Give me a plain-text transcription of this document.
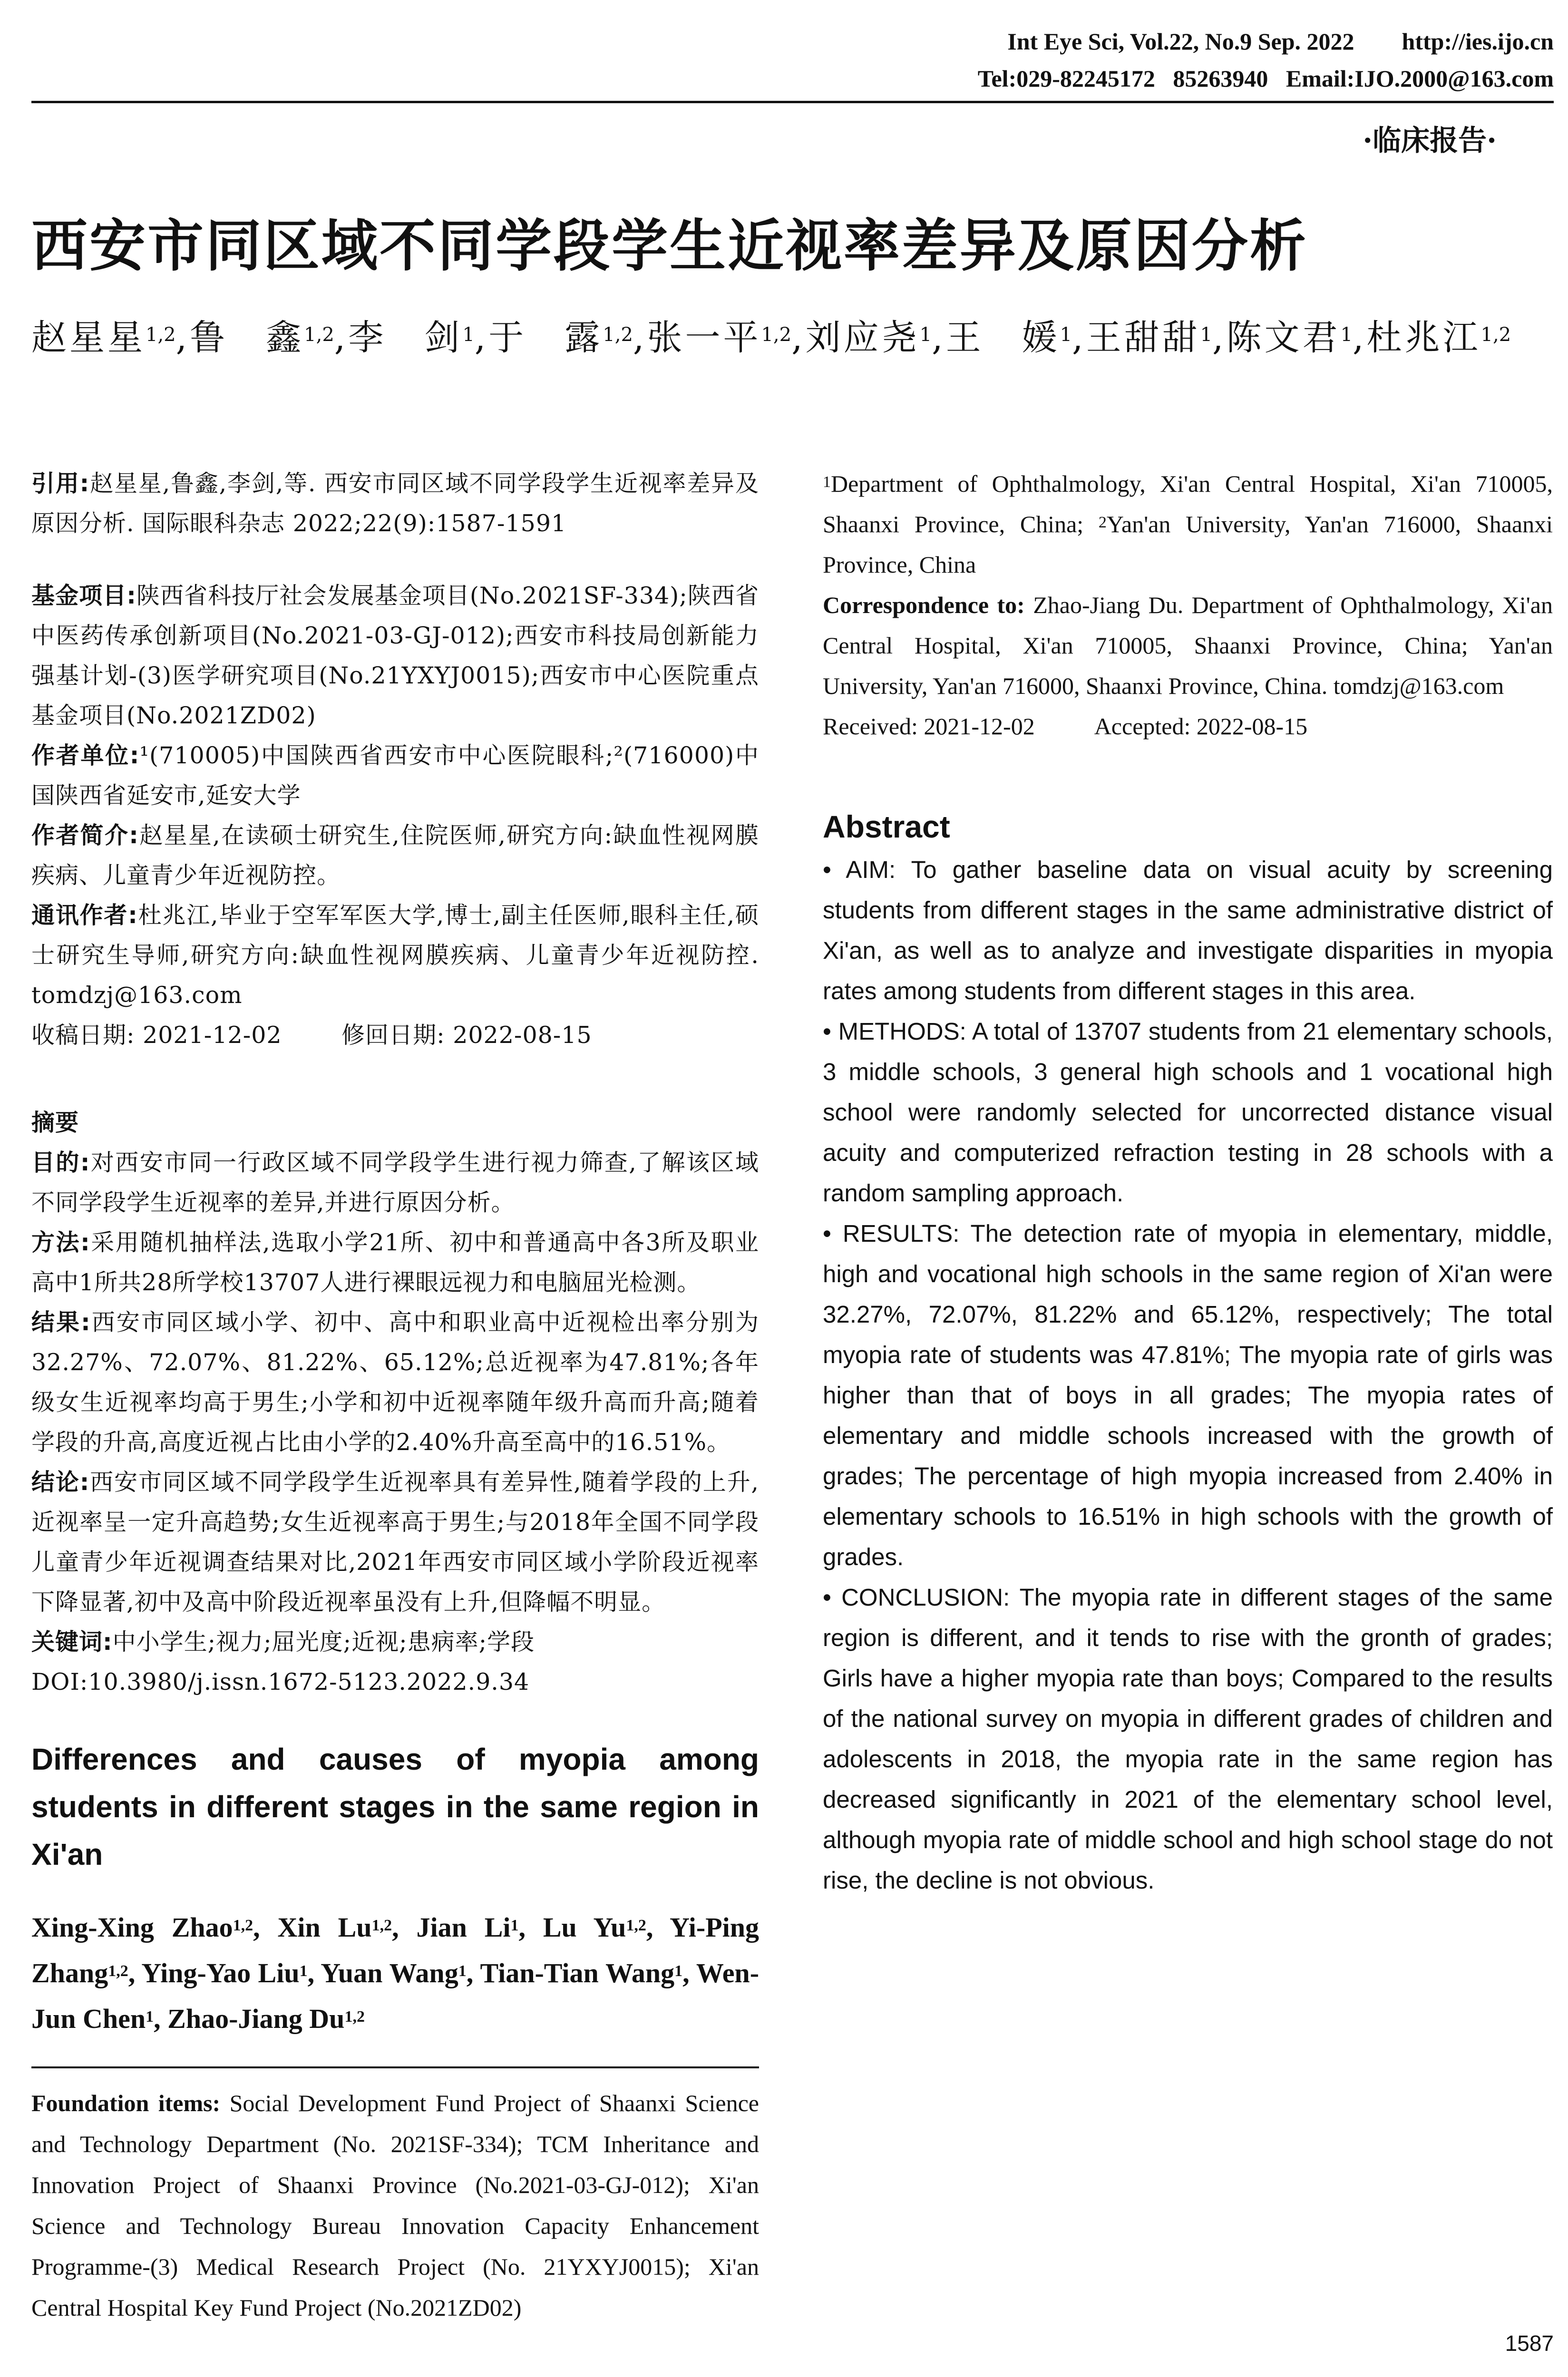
Int Eye Sci, Vol.22, No.9 Sep. 2022        http://ies.ijo.cn
Tel:029-82245172   85263940   Email:IJO.2000@163.com
·临床报告·
西安市同区域不同学段学生近视率差异及原因分析
赵星星$^{1,2}$,鲁　鑫$^{1,2}$,李　剑$^1$,于　露$^{1,2}$,张一平$^{1,2}$,刘应尧$^1$,王　媛$^1$,王甜甜$^1$,陈文君$^1$,杜兆江$^{1,2}$

引用:赵星星,鲁鑫,李剑,等. 西安市同区域不同学段学生近视率差异及原因分析. 国际眼科杂志 2022;22(9):1587-1591

基金项目:陕西省科技厅社会发展基金项目(No.2021SF-334);陕西省中医药传承创新项目(No.2021-03-GJ-012);西安市科技局创新能力强基计划-(3)医学研究项目(No.21YXYJ0015);西安市中心医院重点基金项目(No.2021ZD02)

作者单位:¹(710005)中国陕西省西安市中心医院眼科;²(716000)中国陕西省延安市,延安大学

作者简介:赵星星,在读硕士研究生,住院医师,研究方向:缺血性视网膜疾病、儿童青少年近视防控。

通讯作者:杜兆江,毕业于空军军医大学,博士,副主任医师,眼科主任,硕士研究生导师,研究方向:缺血性视网膜疾病、儿童青少年近视防控. tomdzj@163.com

收稿日期: 2021-12-02   	修回日期: 2022-08-15

摘要

目的:对西安市同一行政区域不同学段学生进行视力筛查,了解该区域不同学段学生近视率的差异,并进行原因分析。

方法:采用随机抽样法,选取小学21所、初中和普通高中各3所及职业高中1所共28所学校13707人进行裸眼远视力和电脑屈光检测。

结果:西安市同区域小学、初中、高中和职业高中近视检出率分别为32.27%、72.07%、81.22%、65.12%;总近视率为47.81%;各年级女生近视率均高于男生;小学和初中近视率随年级升高而升高;随着学段的升高,高度近视占比由小学的2.40%升高至高中的16.51%。

结论:西安市同区域不同学段学生近视率具有差异性,随着学段的上升,近视率呈一定升高趋势;女生近视率高于男生;与2018年全国不同学段儿童青少年近视调查结果对比,2021年西安市同区域小学阶段近视率下降显著,初中及高中阶段近视率虽没有上升,但降幅不明显。

关键词:中小学生;视力;屈光度;近视;患病率;学段

DOI:10.3980/j.issn.1672-5123.2022.9.34

Differences and causes of myopia among students in different stages in the same region in Xi'an
Xing-Xing Zhao$^{1,2}$, Xin Lu$^{1,2}$, Jian Li$^1$, Lu Yu$^{1,2}$, Yi-Ping Zhang$^{1,2}$, Ying-Yao Liu$^1$, Yuan Wang$^1$, Tian-Tian Wang$^1$, Wen-Jun Chen$^1$, Zhao-Jiang Du$^{1,2}$

Foundation items: Social Development Fund Project of Shaanxi Science and Technology Department (No. 2021SF-334); TCM Inheritance and Innovation Project of Shaanxi Province (No.2021-03-GJ-012); Xi'an Science and Technology Bureau Innovation Capacity Enhancement Programme-(3) Medical Research Project (No. 21YXYJ0015); Xi'an Central Hospital Key Fund Project (No.2021ZD02)

$^1$Department of Ophthalmology, Xi'an Central Hospital, Xi'an 710005, Shaanxi Province, China; $^2$Yan'an University, Yan'an 716000, Shaanxi Province, China

Correspondence to: Zhao-Jiang Du. Department of Ophthalmology, Xi'an Central Hospital, Xi'an 710005, Shaanxi Province, China; Yan'an University, Yan'an 716000, Shaanxi Province, China. tomdzj@163.com

Received: 2021-12-02   	Accepted: 2022-08-15

Abstract

• AIM: To gather baseline data on visual acuity by screening students from different stages in the same administrative district of Xi'an, as well as to analyze and investigate disparities in myopia rates among students from different stages in this area.

• METHODS: A total of 13707 students from 21 elementary schools, 3 middle schools, 3 general high schools and 1 vocational high school were randomly selected for uncorrected distance visual acuity and computerized refraction testing in 28 schools with a random sampling approach.

• RESULTS: The detection rate of myopia in elementary, middle, high and vocational high schools in the same region of Xi'an were 32.27%, 72.07%, 81.22% and 65.12%, respectively; The total myopia rate of students was 47.81%; The myopia rate of girls was higher than that of boys in all grades; The myopia rates of elementary and middle schools increased with the growth of grades; The percentage of high myopia increased from 2.40% in elementary schools to 16.51% in high schools with the growth of grades.

• CONCLUSION: The myopia rate in different stages of the same region is different, and it tends to rise with the gronth of grades; Girls have a higher myopia rate than boys; Compared to the results of the national survey on myopia in different grades of children and adolescents in 2018, the myopia rate in the same region has decreased significantly in 2021 of the elementary school level, although myopia rate of middle school and high school stage do not rise, the decline is not obvious.

1587
